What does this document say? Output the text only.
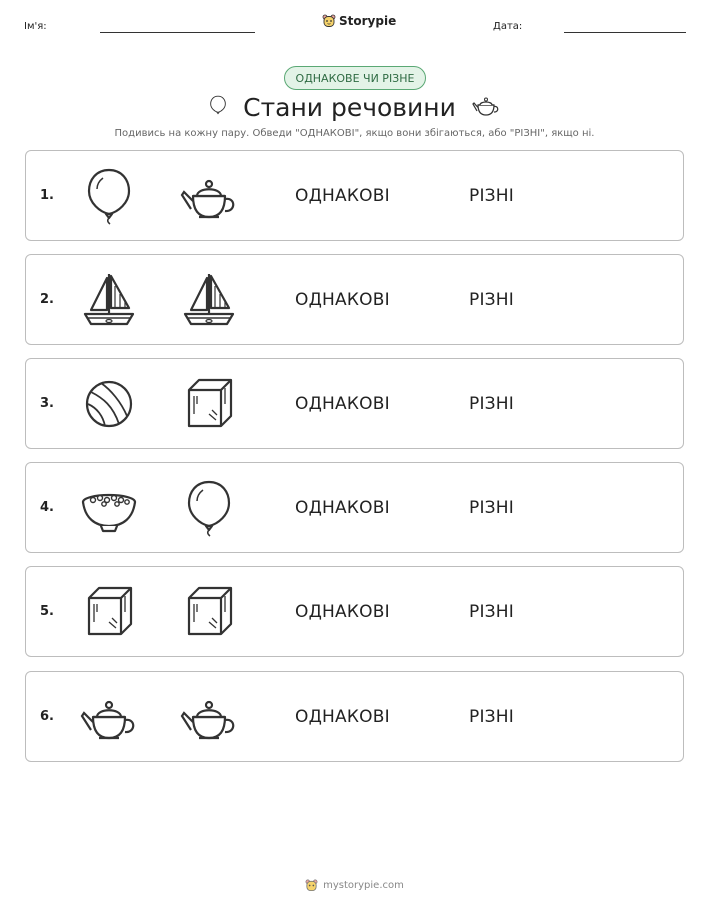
Ім'я:	Storypie	Дата:
ОДНАКОВЕ ЧИ РІЗНЕ
Стани речовини
Подивись на кожну пару. Обведи "ОДНАКОВІ", якщо вони збігаються, або "РІЗНІ", якщо ні.
1.	ОДНАКОВІ	РІЗНІ
2.	ОДНАКОВІ	РІЗНІ
3.	ОДНАКОВІ	РІЗНІ
4.	ОДНАКОВІ	РІЗНІ
5.	ОДНАКОВІ	РІЗНІ
6.	ОДНАКОВІ	РІЗНІ
mystorypie.com
